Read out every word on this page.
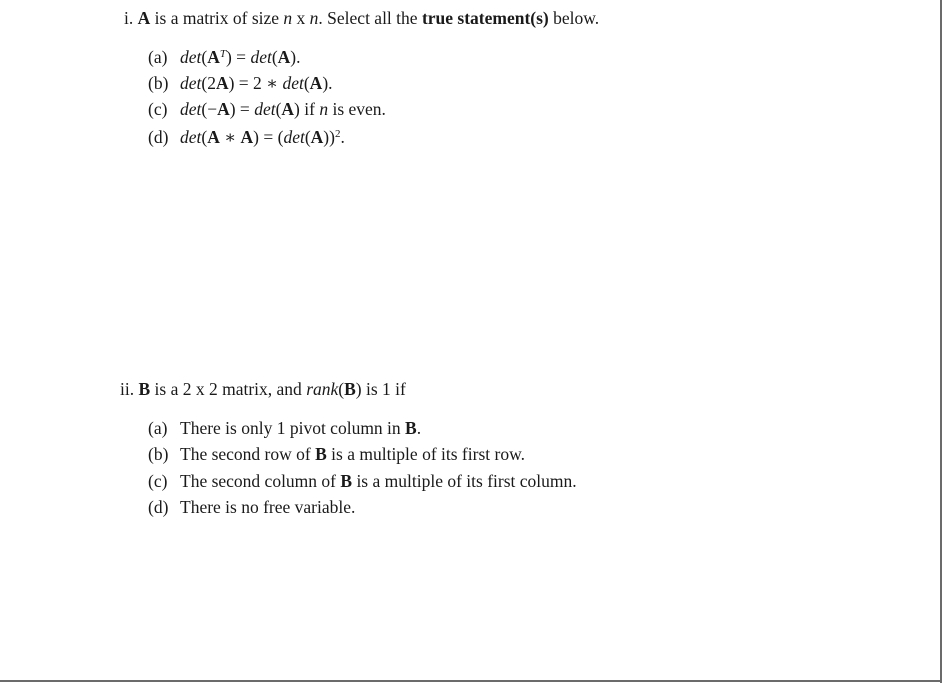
i. A is a matrix of size n x n. Select all the true statement(s) below.
(a) $\det(A^T) = \det(A)$.
(b) det(2A) = 2 ∗ det(A).
(c) det(−A) = det(A) if n is even.
(d) det(A ∗ $A) = (\det(A))^2$.
ii. B is a 2 x 2 matrix, and rank(B) is 1 if
(a) There is only 1 pivot column in B.
(b) The second row of B is a multiple of its first row.
(c) The second column of B is a multiple of its first column.
(d) There is no free variable.
